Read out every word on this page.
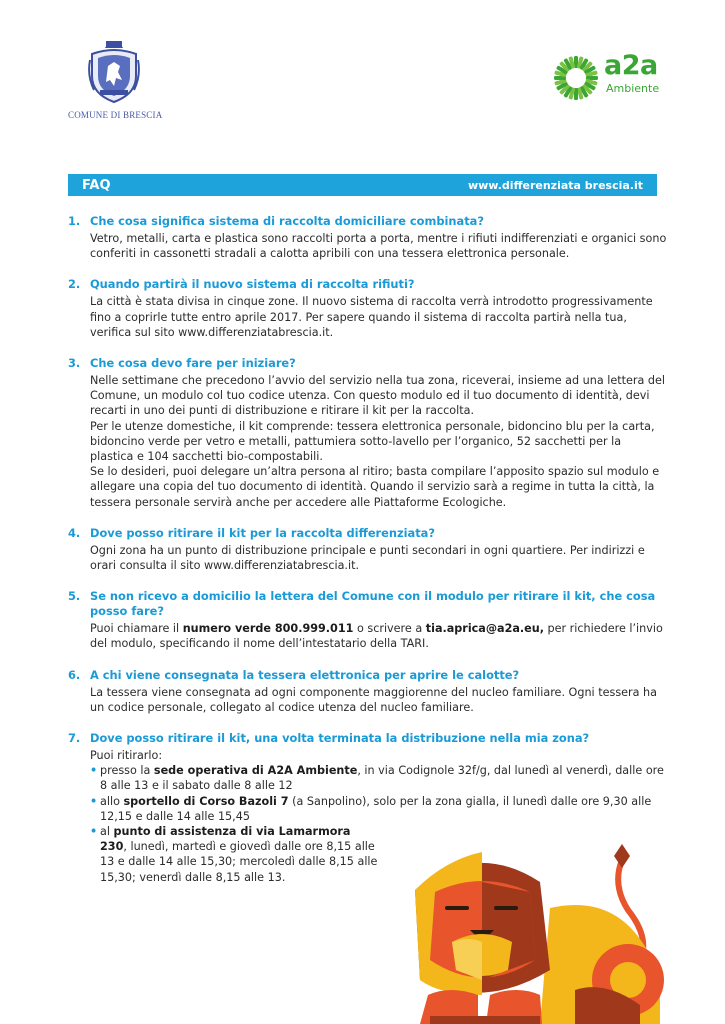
COMUNE DI BRESCIA
a2a
Ambiente
FAQ	www.differenziata brescia.it
1. Che cosa significa sistema di raccolta domiciliare combinata?

Vetro, metalli, carta e plastica sono raccolti porta a porta, mentre i rifiuti indifferenziati e organici sono conferiti in cassonetti stradali a calotta apribili con una tessera elettronica personale.

2. Quando partirà il nuovo sistema di raccolta rifiuti?

La città è stata divisa in cinque zone. Il nuovo sistema di raccolta verrà introdotto progressivamente fino a coprirle tutte entro aprile 2017. Per sapere quando il sistema di raccolta partirà nella tua, verifica sul sito www.differenziatabrescia.it.

3. Che cosa devo fare per iniziare?

Nelle settimane che precedono l’avvio del servizio nella tua zona, riceverai, insieme ad una lettera del Comune, un modulo col tuo codice utenza. Con questo modulo ed il tuo documento di identità, devi recarti in uno dei punti di distribuzione e ritirare il kit per la raccolta.

Per le utenze domestiche, il kit comprende: tessera elettronica personale, bidoncino blu per la carta, bidoncino verde per vetro e metalli, pattumiera sotto-lavello per l’organico, 52 sacchetti per la plastica e 104 sacchetti bio-compostabili.

Se lo desideri, puoi delegare un’altra persona al ritiro; basta compilare l’apposito spazio sul modulo e allegare una copia del tuo documento di identità. Quando il servizio sarà a regime in tutta la città, la tessera personale servirà anche per accedere alle Piattaforme Ecologiche.

4. Dove posso ritirare il kit per la raccolta differenziata?

Ogni zona ha un punto di distribuzione principale e punti secondari in ogni quartiere. Per indirizzi e orari consulta il sito www.differenziatabrescia.it.

5. Se non ricevo a domicilio la lettera del Comune con il modulo per ritirare il kit, che cosa posso fare?

Puoi chiamare il numero verde 800.999.011 o scrivere a tia.aprica@a2a.eu, per richiedere l’invio del modulo, specificando il nome dell’intestatario della TARI.

6. A chi viene consegnata la tessera elettronica per aprire le calotte?

La tessera viene consegnata ad ogni componente maggiorenne del nucleo familiare. Ogni tessera ha un codice personale, collegato al codice utenza del nucleo familiare.

7. Dove posso ritirare il kit, una volta terminata la distribuzione nella mia zona?

Puoi ritirarlo:

• presso la sede operativa di A2A Ambiente, in via Codignole 32f/g, dal lunedì al venerdì, dalle ore 8 alle 13 e il sabato dalle 8 alle 12
• allo sportello di Corso Bazoli 7 (a Sanpolino), solo per la zona gialla, il lunedì dalle ore 9,30 alle 12,15 e dalle 14 alle 15,45
• al punto di assistenza di via Lamarmora 230, lunedì, martedì e giovedì dalle ore 8,15 alle 13 e dalle 14 alle 15,30; mercoledì dalle 8,15 alle 15,30; venerdì dalle 8,15 alle 13.
